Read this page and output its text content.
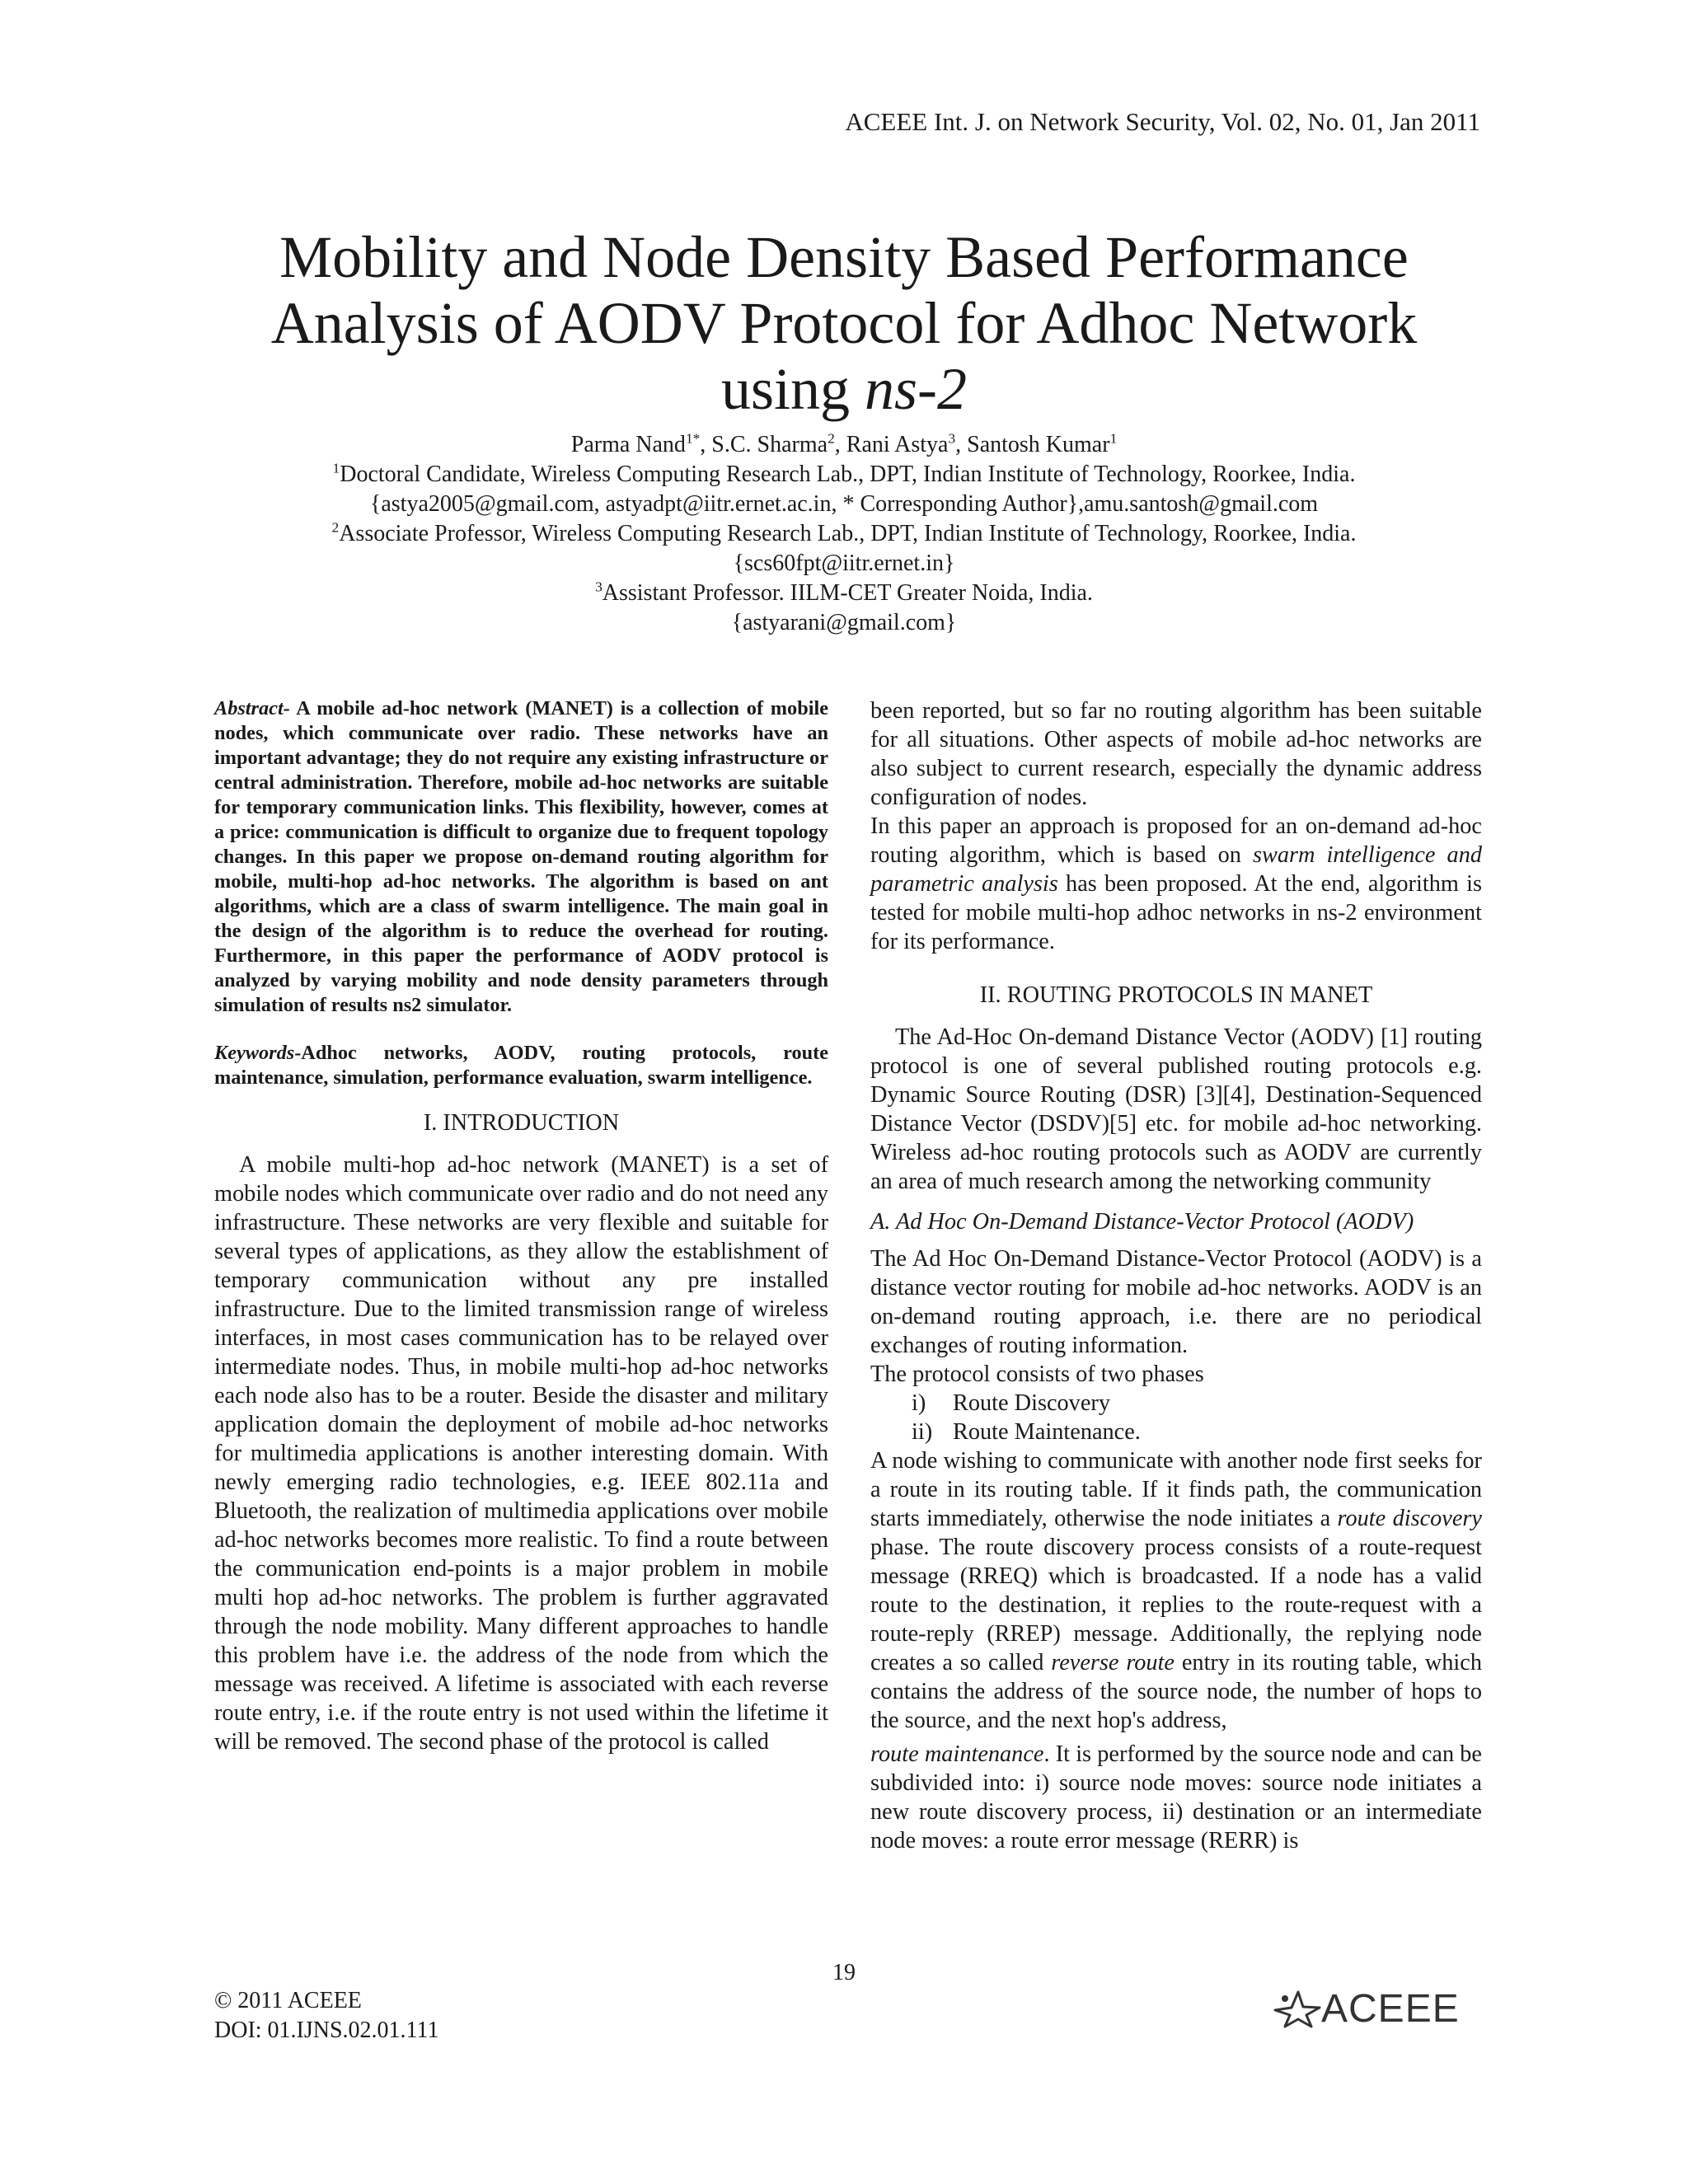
ACEEE Int. J. on Network Security, Vol. 02, No. 01, Jan 2011
Mobility and Node Density Based Performance
Analysis of AODV Protocol for Adhoc Network
using ns-2
Parma Nand$^{1*}$, S.C. Sharma$^2$, Rani Astya$^3$, Santosh Kumar$^1$
$^1$Doctoral Candidate, Wireless Computing Research Lab., DPT, Indian Institute of Technology, Roorkee, India.
{astya2005@gmail.com, astyadpt@iitr.ernet.ac.in, * Corresponding Author},amu.santosh@gmail.com
$^2$Associate Professor, Wireless Computing Research Lab., DPT, Indian Institute of Technology, Roorkee, India.
{scs60fpt@iitr.ernet.in}
$^3$Assistant Professor. IILM-CET Greater Noida, India.
{astyarani@gmail.com}

Abstract- A mobile ad-hoc network (MANET) is a collection of mobile nodes, which communicate over radio. These networks have an important advantage; they do not require any existing infrastructure or central administration. Therefore, mobile ad-hoc networks are suitable for temporary communication links. This flexibility, however, comes at a price: communication is difficult to organize due to frequent topology changes. In this paper we propose on-demand routing algorithm for mobile, multi-hop ad-hoc networks. The algorithm is based on ant algorithms, which are a class of swarm intelligence. The main goal in the design of the algorithm is to reduce the overhead for routing. Furthermore, in this paper the performance of AODV protocol is analyzed by varying mobility and node density parameters through simulation of results ns2 simulator.

Keywords-Adhoc networks, AODV, routing protocols, route maintenance, simulation, performance evaluation, swarm intelligence.

I. INTRODUCTION

A mobile multi-hop ad-hoc network (MANET) is a set of mobile nodes which communicate over radio and do not need any infrastructure. These networks are very flexible and suitable for several types of applications, as they allow the establishment of temporary communication without any pre installed infrastructure. Due to the limited transmission range of wireless interfaces, in most cases communication has to be relayed over intermediate nodes. Thus, in mobile multi-hop ad-hoc networks each node also has to be a router. Beside the disaster and military application domain the deployment of mobile ad-hoc networks for multimedia applications is another interesting domain. With newly emerging radio technologies, e.g. IEEE 802.11a and Bluetooth, the realization of multimedia applications over mobile ad-hoc networks becomes more realistic. To find a route between the communication end-points is a major problem in mobile multi hop ad-hoc networks. The problem is further aggravated through the node mobility. Many different approaches to handle this problem have i.e. the address of the node from which the message was received. A lifetime is associated with each reverse route entry, i.e. if the route entry is not used within the lifetime it will be removed. The second phase of the protocol is called

been reported, but so far no routing algorithm has been suitable for all situations. Other aspects of mobile ad-hoc networks are also subject to current research, especially the dynamic address configuration of nodes.

In this paper an approach is proposed for an on-demand ad-hoc routing algorithm, which is based on swarm intelligence and parametric analysis has been proposed. At the end, algorithm is tested for mobile multi-hop adhoc networks in ns-2 environment for its performance.

II. ROUTING PROTOCOLS IN MANET

The Ad-Hoc On-demand Distance Vector (AODV) [1] routing protocol is one of several published routing protocols e.g. Dynamic Source Routing (DSR) [3][4], Destination-Sequenced Distance Vector (DSDV)[5] etc. for mobile ad-hoc networking. Wireless ad-hoc routing protocols such as AODV are currently an area of much research among the networking community

A. Ad Hoc On-Demand Distance-Vector Protocol (AODV)

The Ad Hoc On-Demand Distance-Vector Protocol (AODV) is a distance vector routing for mobile ad-hoc networks. AODV is an on-demand routing approach, i.e. there are no periodical exchanges of routing information.

The protocol consists of two phases

i)	Route Discovery
ii) Route Maintenance.

A node wishing to communicate with another node first seeks for a route in its routing table. If it finds path, the communication starts immediately, otherwise the node initiates a route discovery phase. The route discovery process consists of a route-request message (RREQ) which is broadcasted. If a node has a valid route to the destination, it replies to the route-request with a route-reply (RREP) message. Additionally, the replying node creates a so called reverse route entry in its routing table, which contains the address of the source node, the number of hops to the source, and the next hop's address,

route maintenance. It is performed by the source node and can be subdivided into: i) source node moves: source node initiates a new route discovery process, ii) destination or an intermediate node moves: a route error message (RERR) is

19
© 2011 ACEEE
DOI: 01.IJNS.02.01.111	ACEEE
